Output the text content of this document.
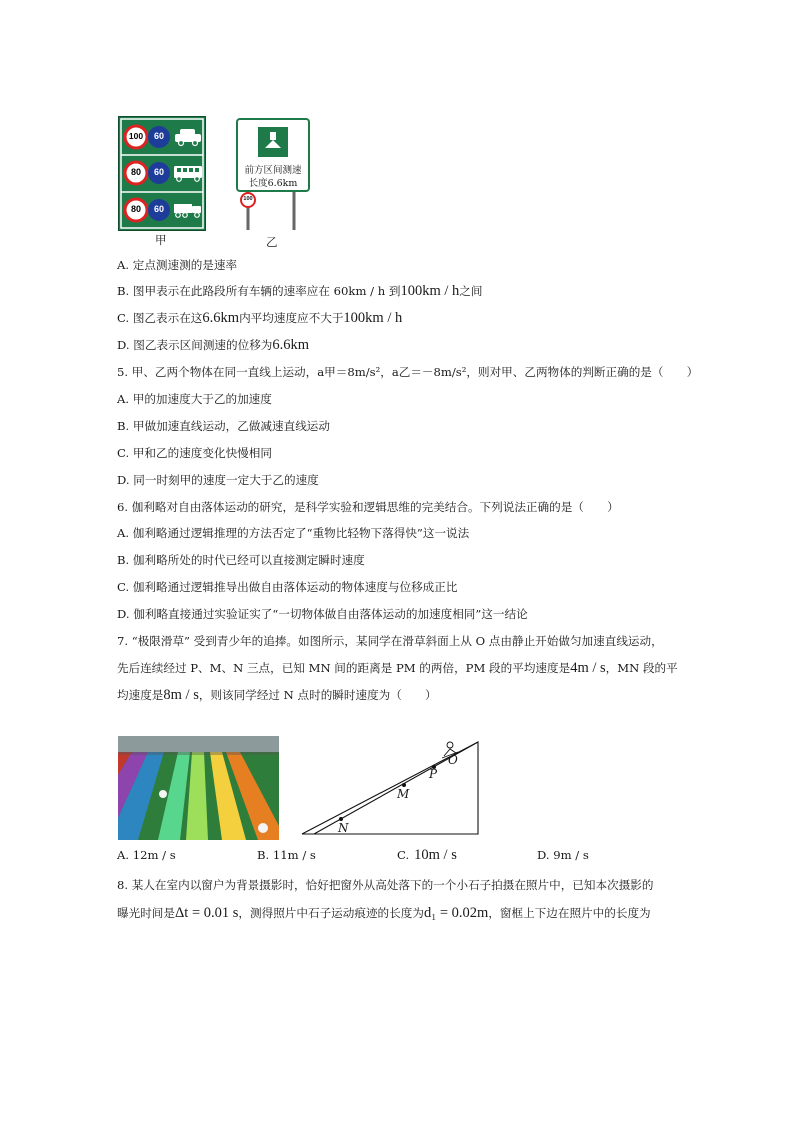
100	60
80	60
80	60
甲
前方区间测速
长度6.6km
100
乙
A. 定点测速测的是速率
B. 图甲表示在此路段所有车辆的速率应在 60km / h 到100km / h之间
C. 图乙表示在这6.6km内平均速度应不大于100km / h
D. 图乙表示区间测速的位移为6.6km
5. 甲、乙两个物体在同一直线上运动，a甲＝8m/s²，a乙＝－8m/s²，则对甲、乙两物体的判断正确的是（　　）
A. 甲的加速度大于乙的加速度
B. 甲做加速直线运动，乙做减速直线运动
C. 甲和乙的速度变化快慢相同
D. 同一时刻甲的速度一定大于乙的速度
6. 伽利略对自由落体运动的研究，是科学实验和逻辑思维的完美结合。下列说法正确的是（　　）
A. 伽利略通过逻辑推理的方法否定了“重物比轻物下落得快”这一说法
B. 伽利略所处的时代已经可以直接测定瞬时速度
C. 伽利略通过逻辑推导出做自由落体运动的物体速度与位移成正比
D. 伽利略直接通过实验证实了“一切物体做自由落体运动的加速度相同”这一结论
7. “极限滑草” 受到青少年的追捧。如图所示，某同学在滑草斜面上从 O 点由静止开始做匀加速直线运动，
先后连续经过 P、M、N 三点，已知 MN 间的距离是 PM 的两倍，PM 段的平均速度是4m / s，MN 段的平
均速度是8m / s，则该同学经过 N 点时的瞬时速度为（　　）
O
P
M
N
A. 12m / s	B. 11m / s	C. 10m / s	D. 9m / s
8. 某人在室内以窗户为背景摄影时，恰好把窗外从高处落下的一个小石子拍摄在照片中，已知本次摄影的
曝光时间是Δt = 0.01 s，测得照片中石子运动痕迹的长度为d₁ = 0.02m，窗框上下边在照片中的长度为
